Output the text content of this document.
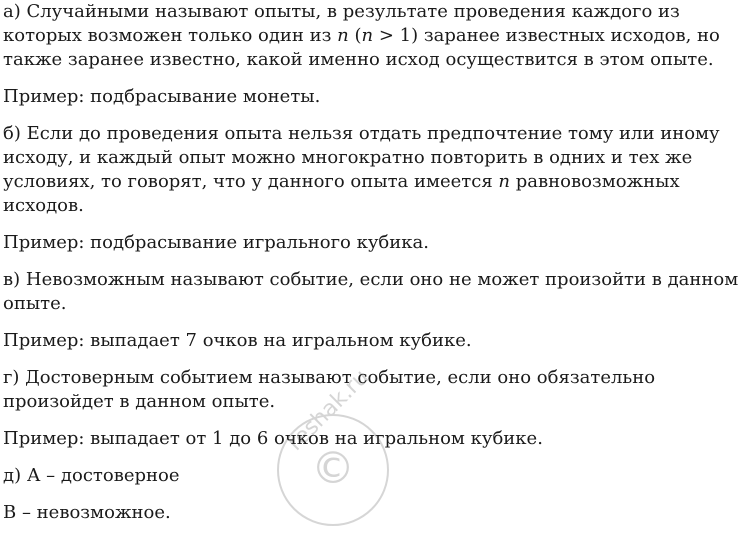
а) Случайными называют опыты, в результате проведения каждого из
которых возможен только один из n (n > 1) заранее известных исходов, но
также заранее известно, какой именно исход осуществится в этом опыте.

Пример: подбрасывание монеты.

б) Если до проведения опыта нельзя отдать предпочтение тому или иному
исходу, и каждый опыт можно многократно повторить в одних и тех же
условиях, то говорят, что у данного опыта имеется n равновозможных
исходов.

Пример: подбрасывание игрального кубика.

в) Невозможным называют событие, если оно не может произойти в данном
опыте.

Пример: выпадает 7 очков на игральном кубике.

г) Достоверным событием называют событие, если оно обязательно
произойдет в данном опыте.

Пример: выпадает от 1 до 6 очков на игральном кубике.

д) А – достоверное

В – невозможное.

©
reshak.ru
